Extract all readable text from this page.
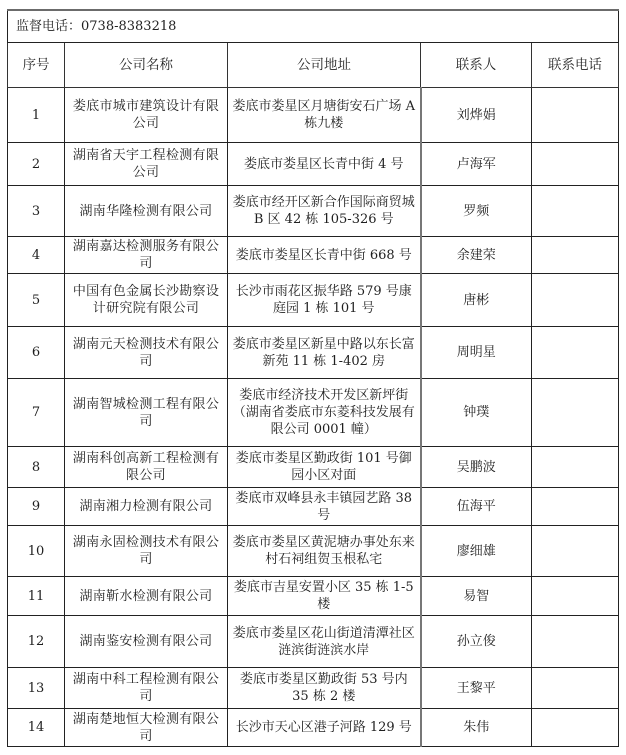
监督电话：0738-8383218				
序号	公司名称	公司地址	联系人	联系电话
1	娄底市城市建筑设计有限公司	娄底市娄星区月塘街安石广场 A 栋九楼	刘烨娟	
2	湖南省天宇工程检测有限公司	娄底市娄星区长青中街 4 号	卢海军	
3	湖南华隆检测有限公司	娄底市经开区新合作国际商贸城 B 区 42 栋 105-326 号	罗频	
4	湖南嘉达检测服务有限公司	娄底市娄星区长青中街 668 号	余建荣	
5	中国有色金属长沙勘察设计研究院有限公司	长沙市雨花区振华路 579 号康庭园 1 栋 101 号	唐彬	
6	湖南元天检测技术有限公司	娄底市娄星区新星中路以东长富新苑 11 栋 1-402 房	周明星	
7	湖南智城检测工程有限公司	娄底市经济技术开发区新坪街（湖南省娄底市东菱科技发展有限公司 0001 幢）	钟璞	
8	湖南科创高新工程检测有限公司	娄底市娄星区勤政街 101 号御园小区对面	吴鹏波	
9	湖南湘力检测有限公司	娄底市双峰县永丰镇园艺路 38 号	伍海平	
10	湖南永固检测技术有限公司	娄底市娄星区黄泥塘办事处东来村石祠组贺玉根私宅	廖细雄	
11	湖南靳水检测有限公司	娄底市吉星安置小区 35 栋 1-5 楼	易智	
12	湖南鉴安检测有限公司	娄底市娄星区花山街道清潭社区涟滨街涟滨水岸	孙立俊	
13	湖南中科工程检测有限公司	娄底市娄星区勤政街 53 号内 35 栋 2 楼	王黎平	
14	湖南楚地恒大检测有限公司	长沙市天心区港子河路 129 号	朱伟	
